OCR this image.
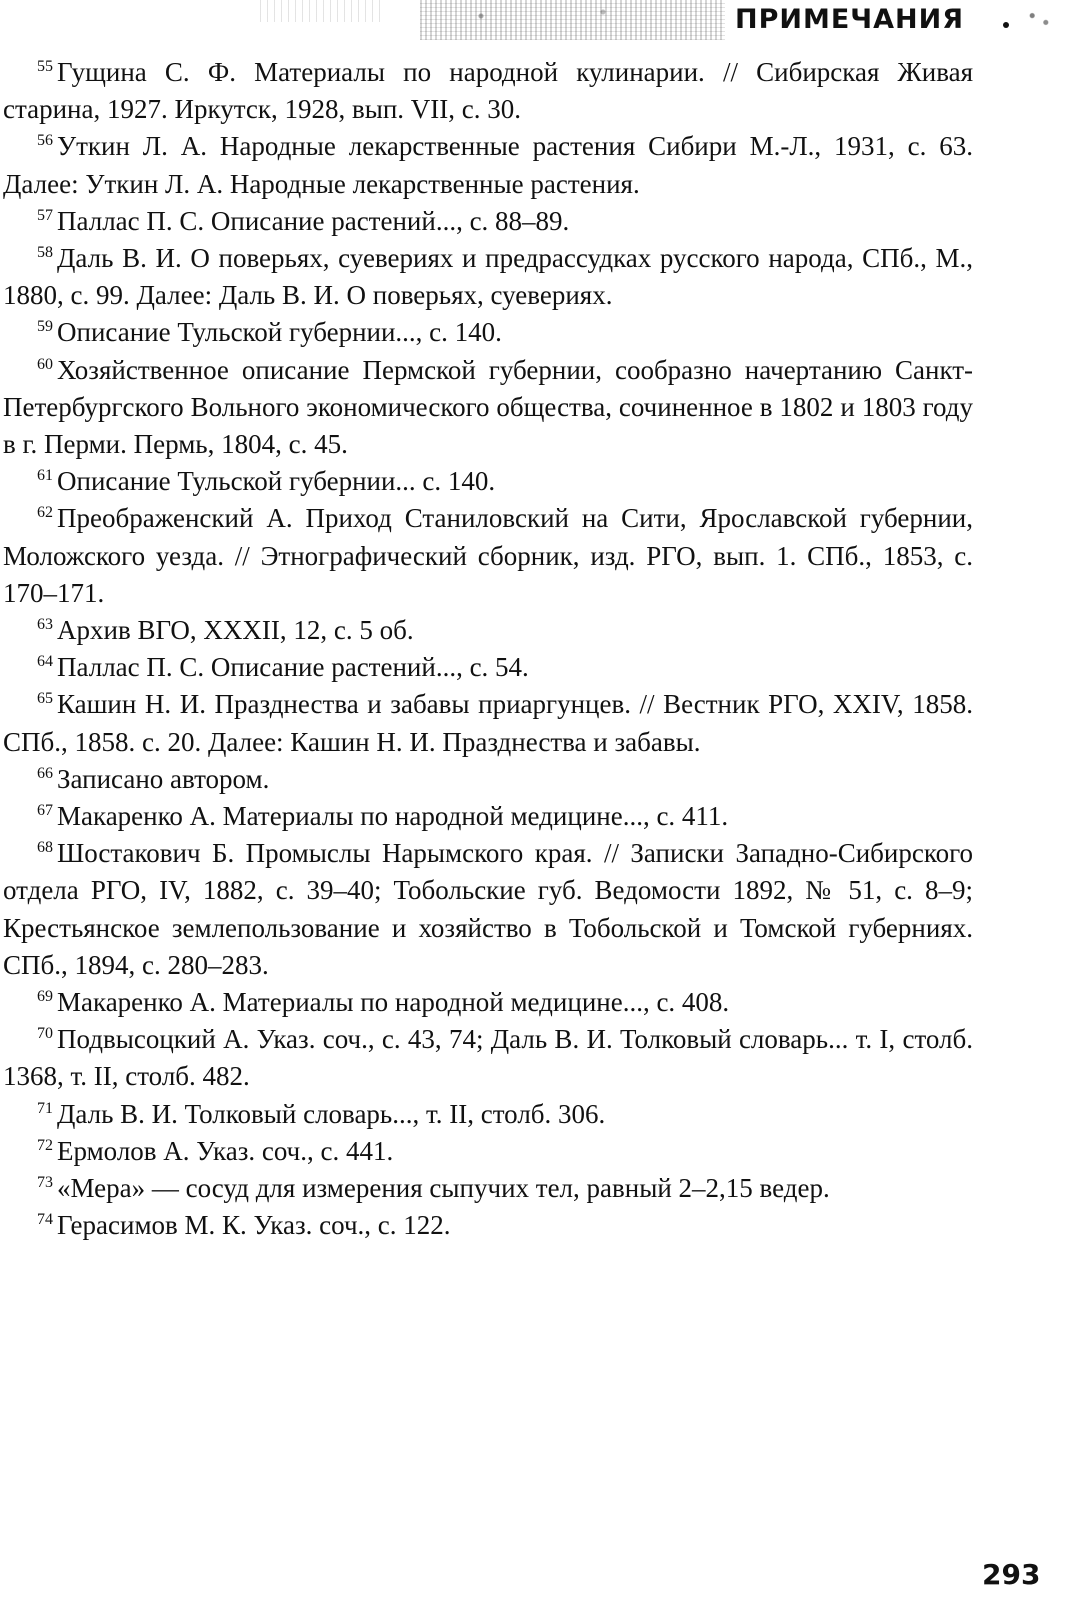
ПРИМЕЧАНИЯ

$^{55}$ Гущина С. Ф. Материалы по народной кулинарии. // Сибирская Живая старина, 1927. Иркутск, 1928, вып. VII, с. 30.

$^{56}$ Уткин Л. А. Народные лекарственные растения Сибири М.-Л., 1931, с. 63. Далее: Уткин Л. А. Народные лекарственные растения.

$^{57}$ Паллас П. С. Описание растений..., с. 88–89.

$^{58}$ Даль В. И. О поверьях, суевериях и предрассудках русского народа, СПб., М., 1880, с. 99. Далее: Даль В. И. О поверьях, суевериях.

$^{59}$ Описание Тульской губернии..., с. 140.

$^{60}$ Хозяйственное описание Пермской губернии, сообразно начертанию Санкт-Петербургского Вольного экономического общества, сочиненное в 1802 и 1803 году в г. Перми. Пермь, 1804, с. 45.

$^{61}$ Описание Тульской губернии... с. 140.

$^{62}$ Преображенский А. Приход Станиловский на Сити, Ярославской губернии, Моложского уезда. // Этнографический сборник, изд. РГО, вып. 1. СПб., 1853, с. 170–171.

$^{63}$ Архив ВГО, XXXII, 12, с. 5 об.

$^{64}$ Паллас П. С. Описание растений..., с. 54.

$^{65}$ Кашин Н. И. Празднества и забавы приаргунцев. // Вестник РГО, XXIV, 1858. СПб., 1858. с. 20. Далее: Кашин Н. И. Празднества и забавы.

$^{66}$ Записано автором.

$^{67}$ Макаренко А. Материалы по народной медицине..., с. 411.

$^{68}$ Шостакович Б. Промыслы Нарымского края. // Записки Западно-Сибирского отдела РГО, IV, 1882, с. 39–40; Тобольские губ. Ведомости 1892, № 51, с. 8–9; Крестьянское землепользование и хозяйство в Тобольской и Томской губерниях. СПб., 1894, с. 280–283.

$^{69}$ Макаренко А. Материалы по народной медицине..., с. 408.

$^{70}$ Подвысоцкий А. Указ. соч., с. 43, 74; Даль В. И. Толковый словарь... т. I, столб. 1368, т. II, столб. 482.

$^{71}$ Даль В. И. Толковый словарь..., т. II, столб. 306.

$^{72}$ Ермолов А. Указ. соч., с. 441.

$^{73}$ «Мера» — сосуд для измерения сыпучих тел, равный 2–2,15 ведер.

$^{74}$ Герасимов М. К. Указ. соч., с. 122.

293
